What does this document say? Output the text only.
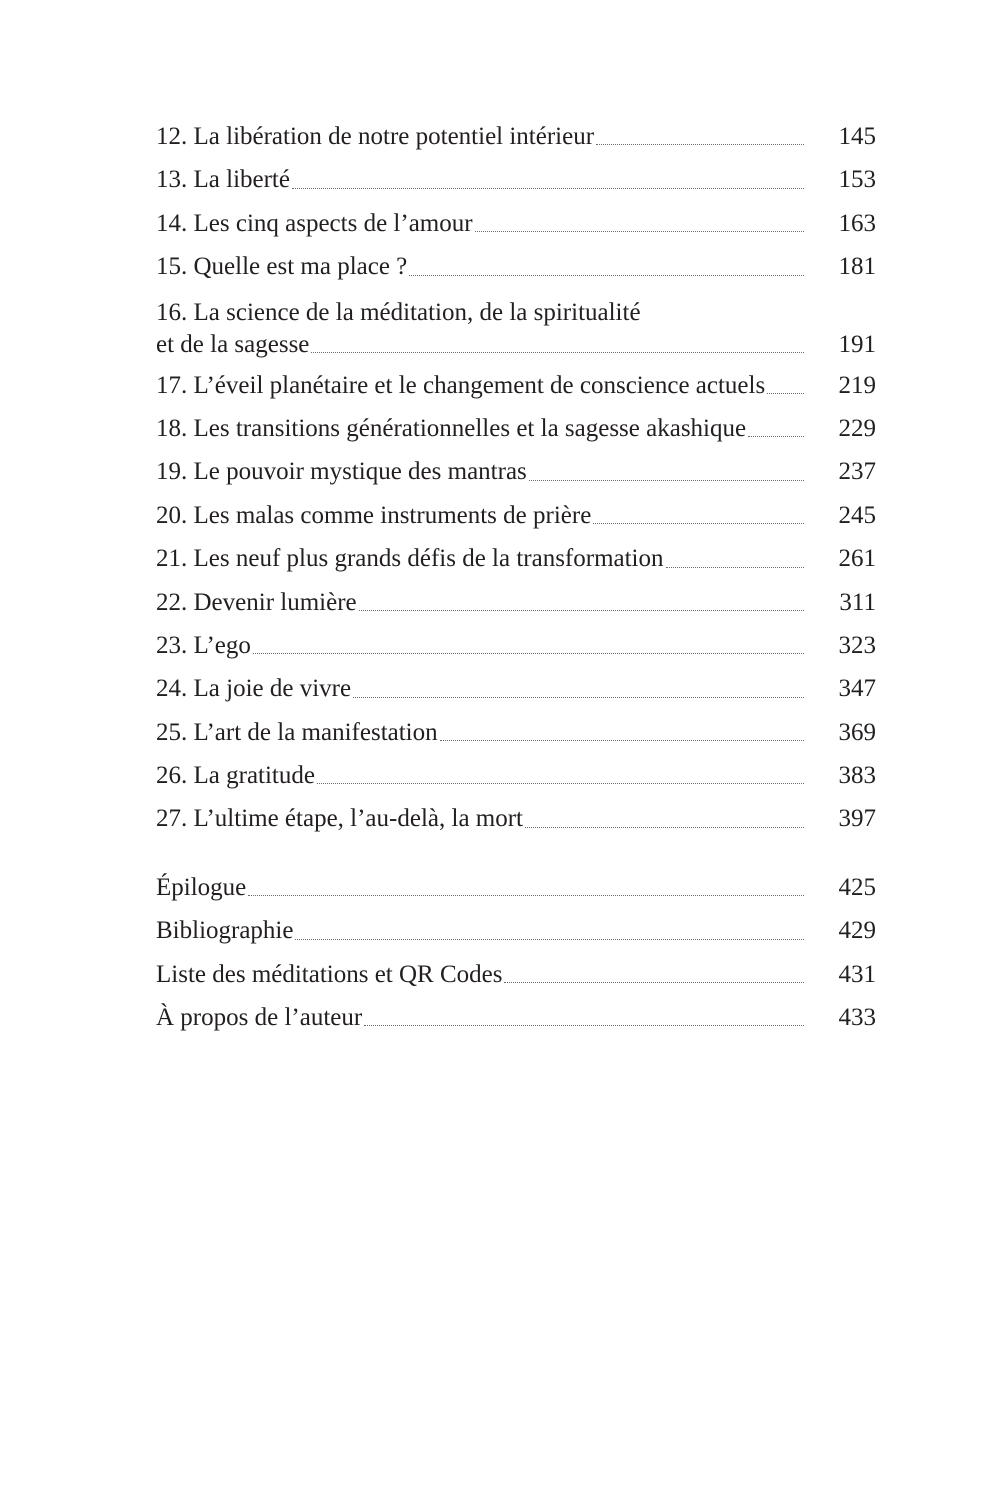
12. La libération de notre potentiel intérieur	145
13. La liberté	153
14. Les cinq aspects de l’amour	163
15. Quelle est ma place ?	181
16. La science de la méditation, de la spiritualité
et de la sagesse	191
17. L’éveil planétaire et le changement de conscience actuels	219
18. Les transitions générationnelles et la sagesse akashique	229
19. Le pouvoir mystique des mantras	237
20. Les malas comme instruments de prière	245
21. Les neuf plus grands défis de la transformation	261
22. Devenir lumière	311
23. L’ego	323
24. La joie de vivre	347
25. L’art de la manifestation	369
26. La gratitude	383
27. L’ultime étape, l’au-delà, la mort	397
Épilogue	425
Bibliographie	429
Liste des méditations et QR Codes	431
À propos de l’auteur	433
